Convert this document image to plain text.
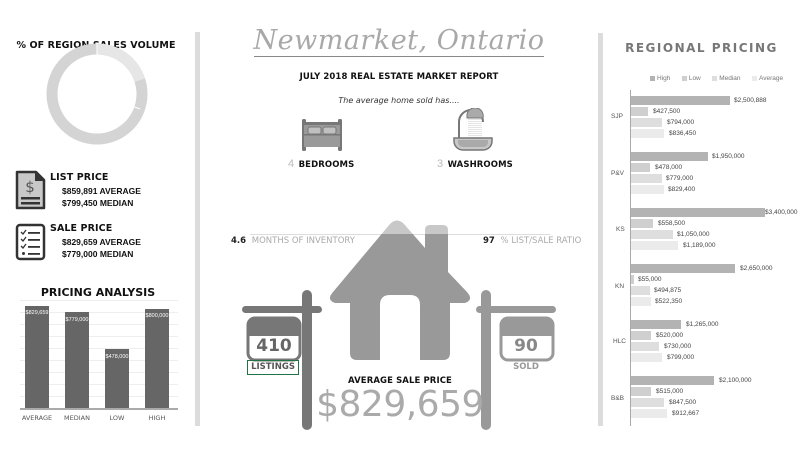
% OF REGION SALES VOLUME
$
LIST PRICE
$859,891 AVERAGE
$799,450 MEDIAN
SALE PRICE
$829,659 AVERAGE
$779,000 MEDIAN
PRICING ANALYSIS
$829,659
$779,000
$478,000
$800,000
AVERAGE	MEDIAN	LOW	HIGH
Newmarket, Ontario
JULY 2018 REAL ESTATE MARKET REPORT
The average home sold has....
4 BEDROOMS	3 WASHROOMS
4.6 MONTHS OF INVENTORY	97 % LIST/SALE RATIO
410
LISTINGS
90
SOLD
AVERAGE SALE PRICE
$829,659
REGIONAL PRICING
High
	Low
	Median
	Average
SJP
$2,500,888
$427,500
$794,000
$836,450
P&V
$1,950,000
$478,000
$779,000
$829,400
KS
$3,400,000
$558,500
$1,050,000
$1,189,000
KN
$2,650,000
$55,000
$494,875
$522,350
HLC
$1,265,000
$520,000
$730,000
$799,000
B&B
$2,100,000
$515,000
$847,500
$912,667
